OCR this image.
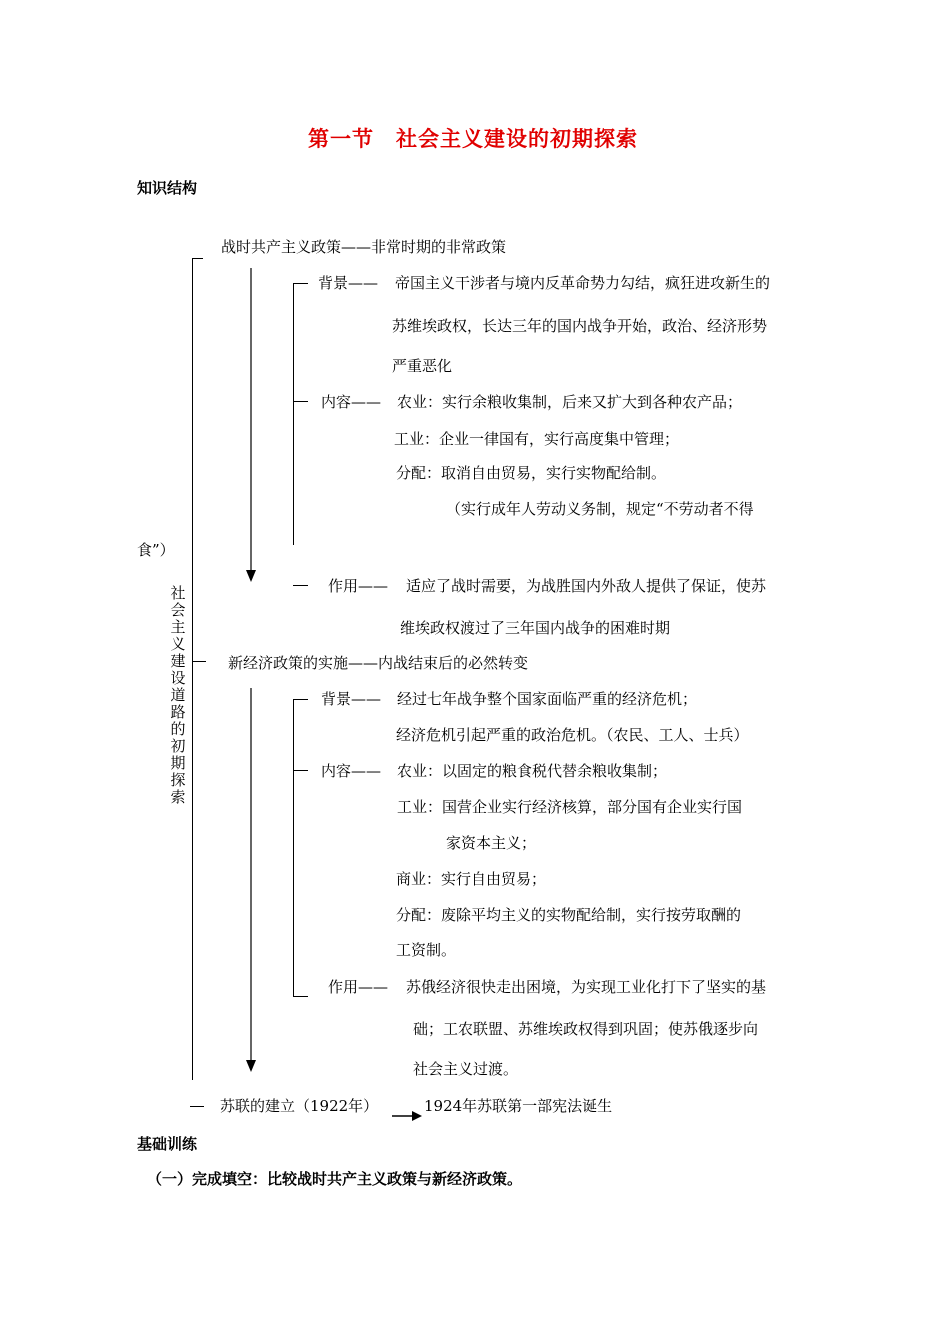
第一节　社会主义建设的初期探索
知识结构
社
会
主
义
建
设
道
路
的
初
期
探
索
战时共产主义政策——非常时期的非常政策
背景—— 帝国主义干涉者与境内反革命势力勾结，疯狂进攻新生的
苏维埃政权，长达三年的国内战争开始，政治、经济形势
严重恶化
内容—— 农业：实行余粮收集制，后来又扩大到各种农产品；
工业：企业一律国有，实行高度集中管理；
分配：取消自由贸易，实行实物配给制。
（实行成年人劳动义务制，规定“不劳动者不得
食”）
作用—— 适应了战时需要，为战胜国内外敌人提供了保证，使苏
维埃政权渡过了三年国内战争的困难时期
新经济政策的实施——内战结束后的必然转变
背景—— 经过七年战争整个国家面临严重的经济危机；
经济危机引起严重的政治危机。（农民、工人、士兵）
内容—— 农业：以固定的粮食税代替余粮收集制；
工业：国营企业实行经济核算，部分国有企业实行国
家资本主义；
商业：实行自由贸易；
分配：废除平均主义的实物配给制，实行按劳取酬的
工资制。
作用—— 苏俄经济很快走出困境，为实现工业化打下了坚实的基
础；工农联盟、苏维埃政权得到巩固；使苏俄逐步向
社会主义过渡。
苏联的建立（1922年）	1924年苏联第一部宪法诞生
基础训练
（一）完成填空：比较战时共产主义政策与新经济政策。
